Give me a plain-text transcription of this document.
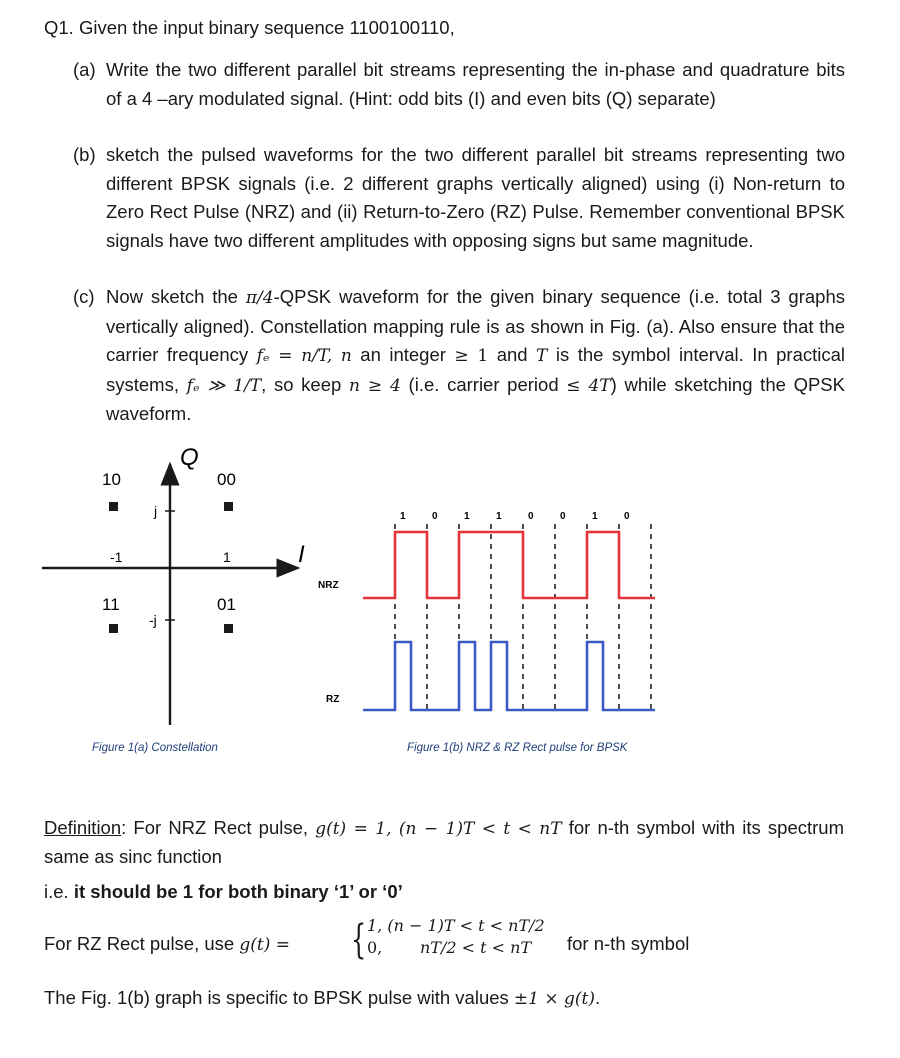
Q1. Given the input binary sequence 1100100110,
(a) Write the two different parallel bit streams representing the in-phase and quadrature bits of a 4 –ary modulated signal. (Hint: odd bits (I) and even bits (Q) separate)
(b) sketch the pulsed waveforms for the two different parallel bit streams representing two different BPSK signals (i.e. 2 different graphs vertically aligned) using (i) Non-return to Zero Rect Pulse (NRZ) and (ii) Return-to-Zero (RZ) Pulse. Remember conventional BPSK signals have two different amplitudes with opposing signs but same magnitude.
(c) Now sketch the π/4-QPSK waveform for the given binary sequence (i.e. total 3 graphs vertically aligned). Constellation mapping rule is as shown in Fig. (a). Also ensure that the carrier frequency fₑ = n/T, n an integer ≥ 1 and T is the symbol interval. In practical systems, fₑ ≫ 1/T, so keep n ≥ 4 (i.e. carrier period ≤ 4T) while sketching the QPSK waveform.
Q
I
j
-j
-1	1
10	00
11	01
Figure 1(a) Constellation
NRZ
RZ
1	0	1	1	0	0	1	0
Figure 1(b) NRZ & RZ Rect pulse for BPSK
Definition: For NRZ Rect pulse, g(t) = 1, (n − 1)T < t < nT for n-th symbol with its spectrum same as sinc function
i.e. it should be 1 for both binary ‘1’ or ‘0’
For RZ Rect pulse, use g(t) = { 1, (n − 1)T < t < nT/2
0, nT/2 < t < nT for n-th symbol
The Fig. 1(b) graph is specific to BPSK pulse with values ±1 × g(t).
